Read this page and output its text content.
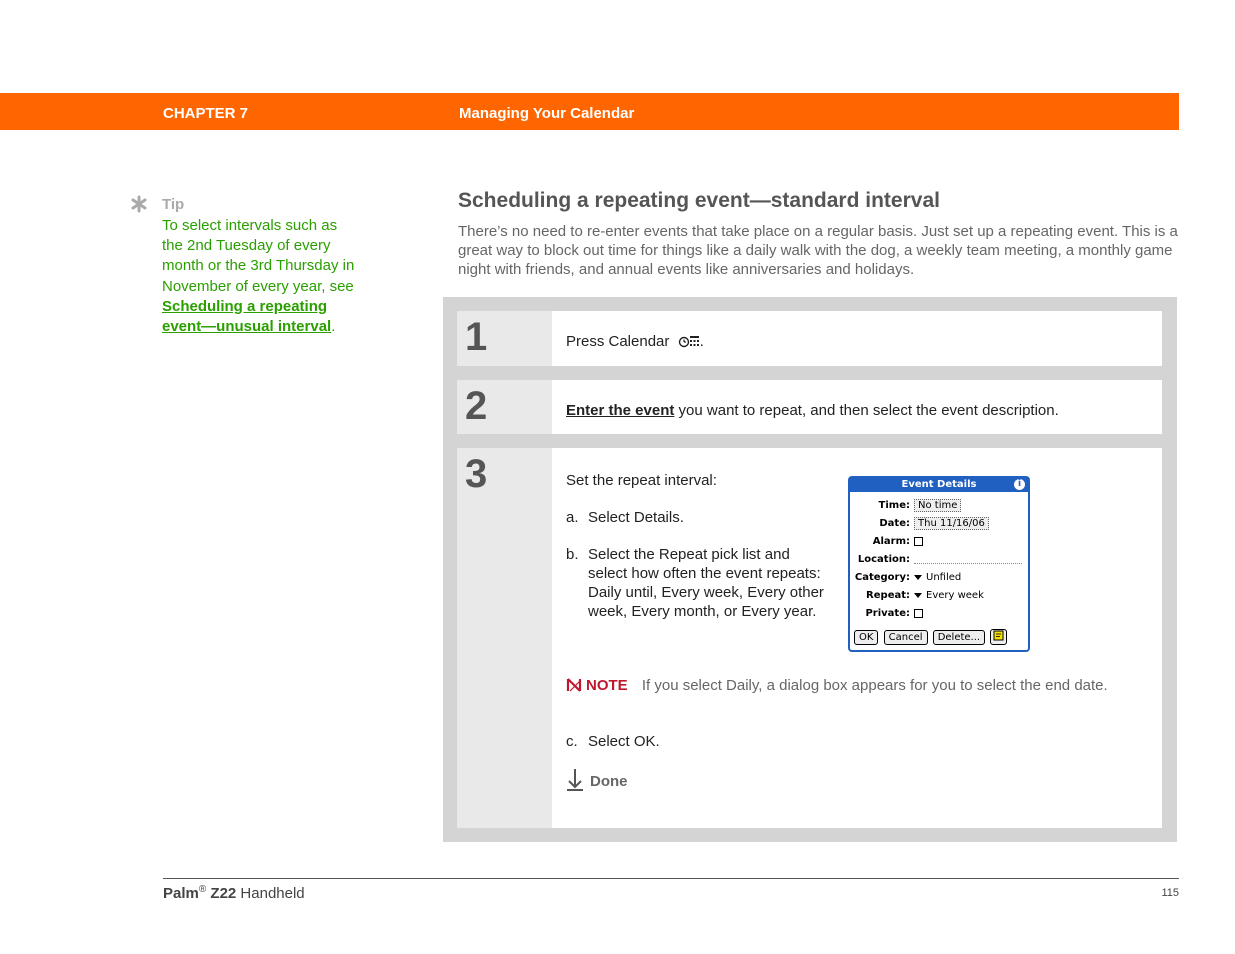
CHAPTER 7	Managing Your Calendar
Tip
To select intervals such as the 2nd Tuesday of every month or the 3rd Thursday in November of every year, see Scheduling a repeating event—unusual interval.
Scheduling a repeating event—standard interval
There’s no need to re-enter events that take place on a regular basis. Just set up a repeating event. This is a great way to block out time for things like a daily walk with the dog, a weekly team meeting, a monthly game night with friends, and annual events like anniversaries and holidays.
1	Press Calendar .
2	Enter the event you want to repeat, and then select the event description.
3	Set the repeat interval:
a. Select Details.
b. Select the Repeat pick list and select how often the event repeats: Daily until, Every week, Every other week, Every month, or Every year.
Event Details	i
Time: No time
Date: Thu 11/16/06
Alarm:
Location:
Category:	Unfiled
Repeat:	Every week
Private:
OK Cancel Delete...
NOTE If you select Daily, a dialog box appears for you to select the end date.
c. Select OK.
Done
Palm® Z22 Handheld	115
